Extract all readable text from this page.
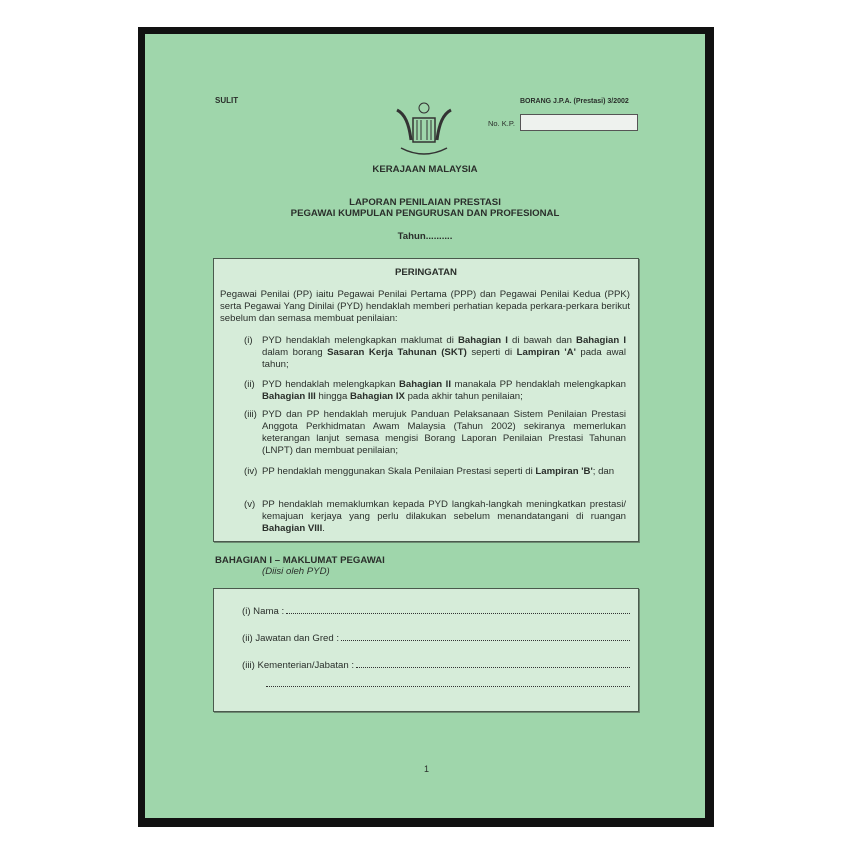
SULIT	BORANG J.P.A. (Prestasi) 3/2002
No. K.P.
KERAJAAN MALAYSIA
LAPORAN PENILAIAN PRESTASI
PEGAWAI KUMPULAN PENGURUSAN DAN PROFESIONAL
Tahun..........
PERINGATAN
Pegawai Penilai (PP) iaitu Pegawai Penilai Pertama (PPP) dan Pegawai Penilai Kedua (PPK) serta Pegawai Yang Dinilai (PYD) hendaklah memberi perhatian kepada perkara-perkara berikut sebelum dan semasa membuat penilaian:
(i) PYD hendaklah melengkapkan maklumat di Bahagian I di bawah dan Bahagian I dalam borang Sasaran Kerja Tahunan (SKT) seperti di Lampiran 'A' pada awal tahun;
(ii) PYD hendaklah melengkapkan Bahagian II manakala PP hendaklah melengkapkan Bahagian III hingga Bahagian IX pada akhir tahun penilaian;
(iii) PYD dan PP hendaklah merujuk Panduan Pelaksanaan Sistem Penilaian Prestasi Anggota Perkhidmatan Awam Malaysia (Tahun 2002) sekiranya memerlukan keterangan lanjut semasa mengisi Borang Laporan Penilaian Prestasi Tahunan (LNPT) dan membuat penilaian;
(iv) PP hendaklah menggunakan Skala Penilaian Prestasi seperti di Lampiran 'B'; dan
(v) PP hendaklah memaklumkan kepada PYD langkah-langkah meningkatkan prestasi/ kemajuan kerjaya yang perlu dilakukan sebelum menandatangani di ruangan Bahagian VIII.
BAHAGIAN I – MAKLUMAT PEGAWAI
(Diisi oleh PYD)
(i) Nama :
(ii) Jawatan dan Gred :
(iii) Kementerian/Jabatan :
1
